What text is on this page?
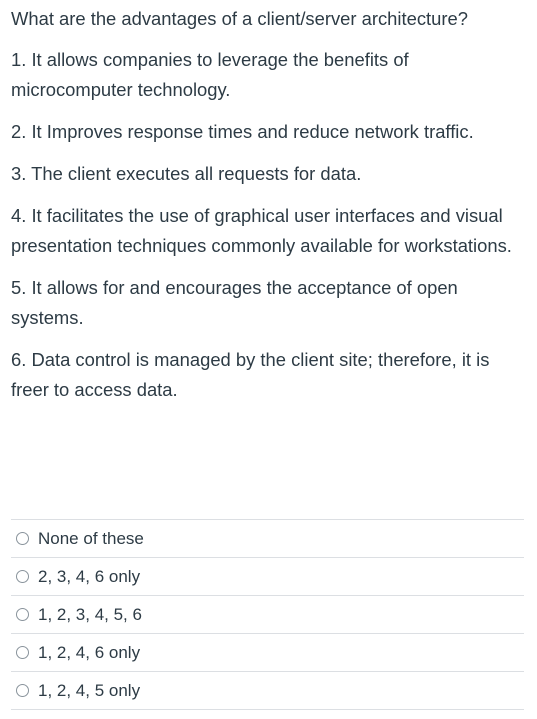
What are the advantages of a client/server architecture?

1. It allows companies to leverage the benefits of microcomputer technology.

2. It Improves response times and reduce network traffic.

3. The client executes all requests for data.

4. It facilitates the use of graphical user interfaces and visual presentation techniques commonly available for workstations.

5. It allows for and encourages the acceptance of open systems.

6. Data control is managed by the client site; therefore, it is freer to access data.

None of these
2, 3, 4, 6 only
1, 2, 3, 4, 5, 6
1, 2, 4, 6 only
1, 2, 4, 5 only
